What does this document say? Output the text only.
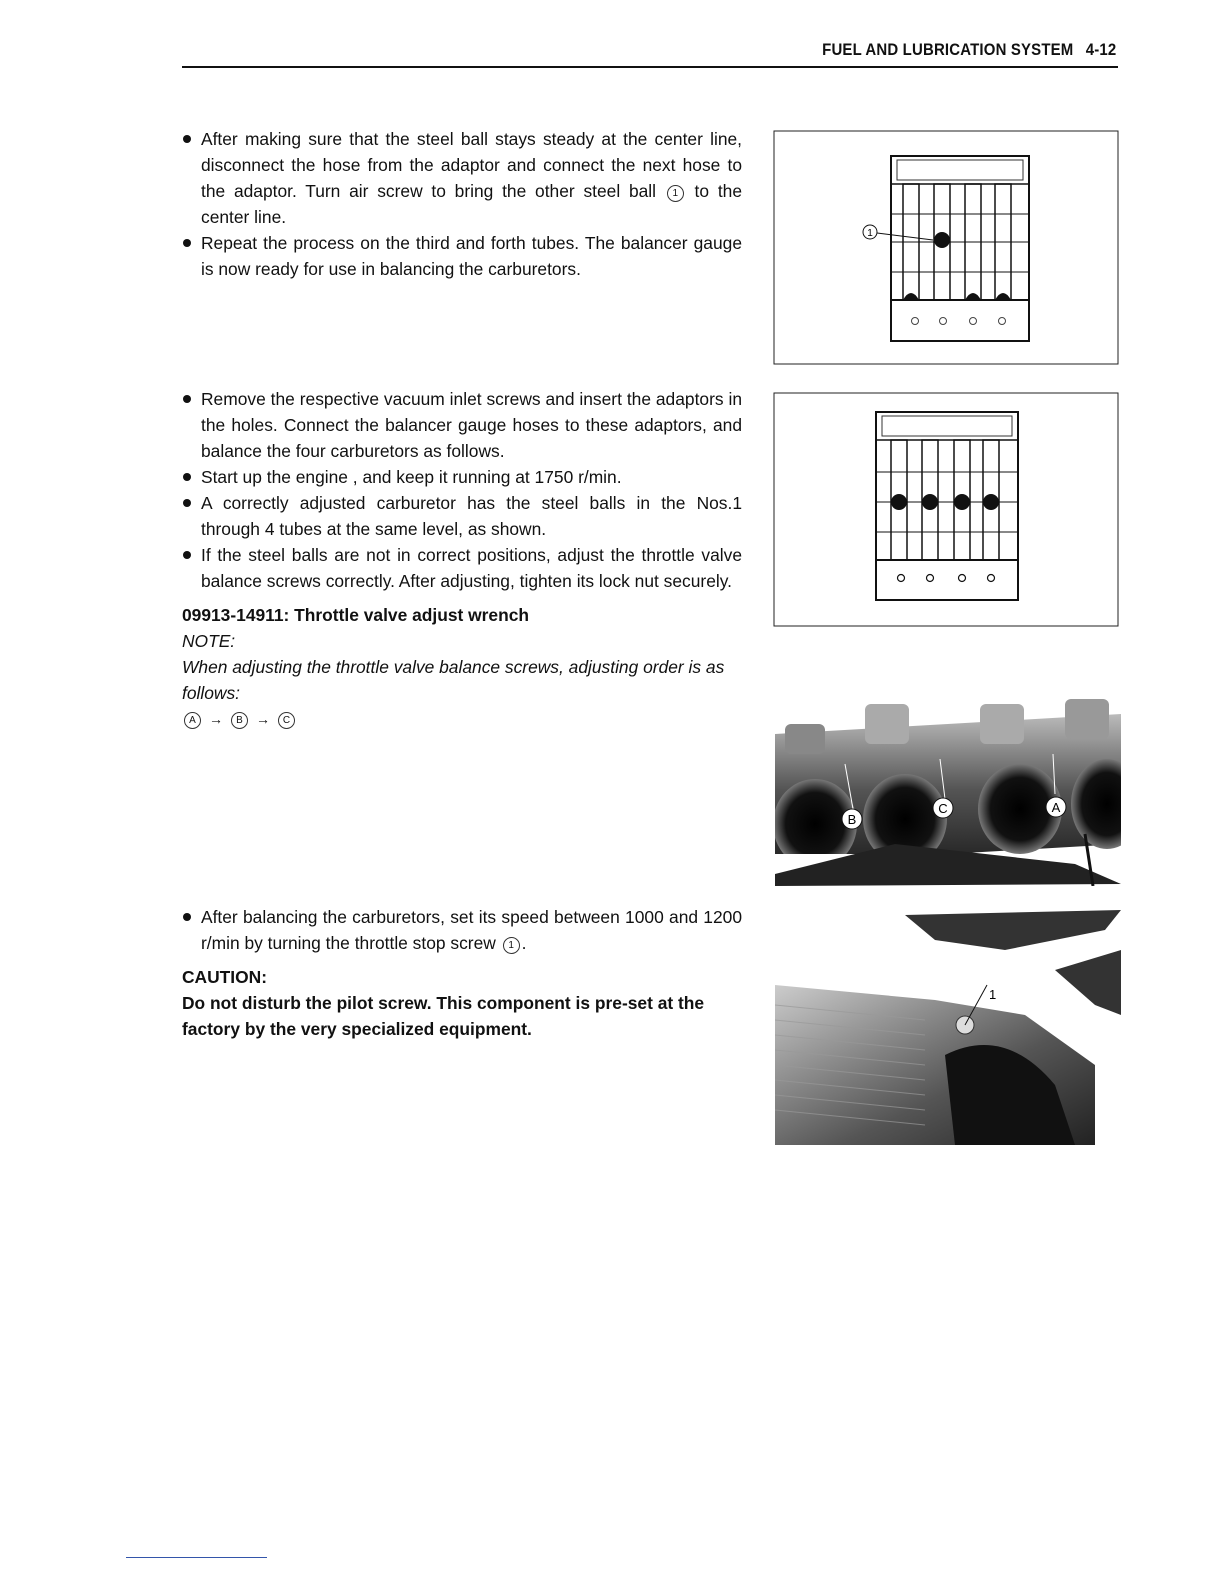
FUEL AND LUBRICATION SYSTEM 4-12
After making sure that the steel ball stays steady at the center line, disconnect the hose from the adaptor and connect the next hose to the adaptor. Turn air screw to bring the other steel ball 1 to the center line.
Repeat the process on the third and forth tubes. The balancer gauge is now ready for use in balancing the carburetors.
1
Remove the respective vacuum inlet screws and insert the adaptors in the holes. Connect the balancer gauge hoses to these adaptors, and balance the four carburetors as follows.
Start up the engine , and keep it running at 1750 r/min.
A correctly adjusted carburetor has the steel balls in the Nos.1 through 4 tubes at the same level, as shown.
If the steel balls are not in correct positions, adjust the throttle valve balance screws correctly. After adjusting, tighten its lock nut securely.
09913-14911: Throttle valve adjust wrench
NOTE:
When adjusting the throttle valve balance screws, adjusting order is as follows:
A → B → C
A
B
C
After balancing the carburetors, set its speed between 1000 and 1200 r/min by turning the throttle stop screw 1 .
CAUTION:
Do not disturb the pilot screw. This component is pre-set at the factory by the very specialized equipment.
1
